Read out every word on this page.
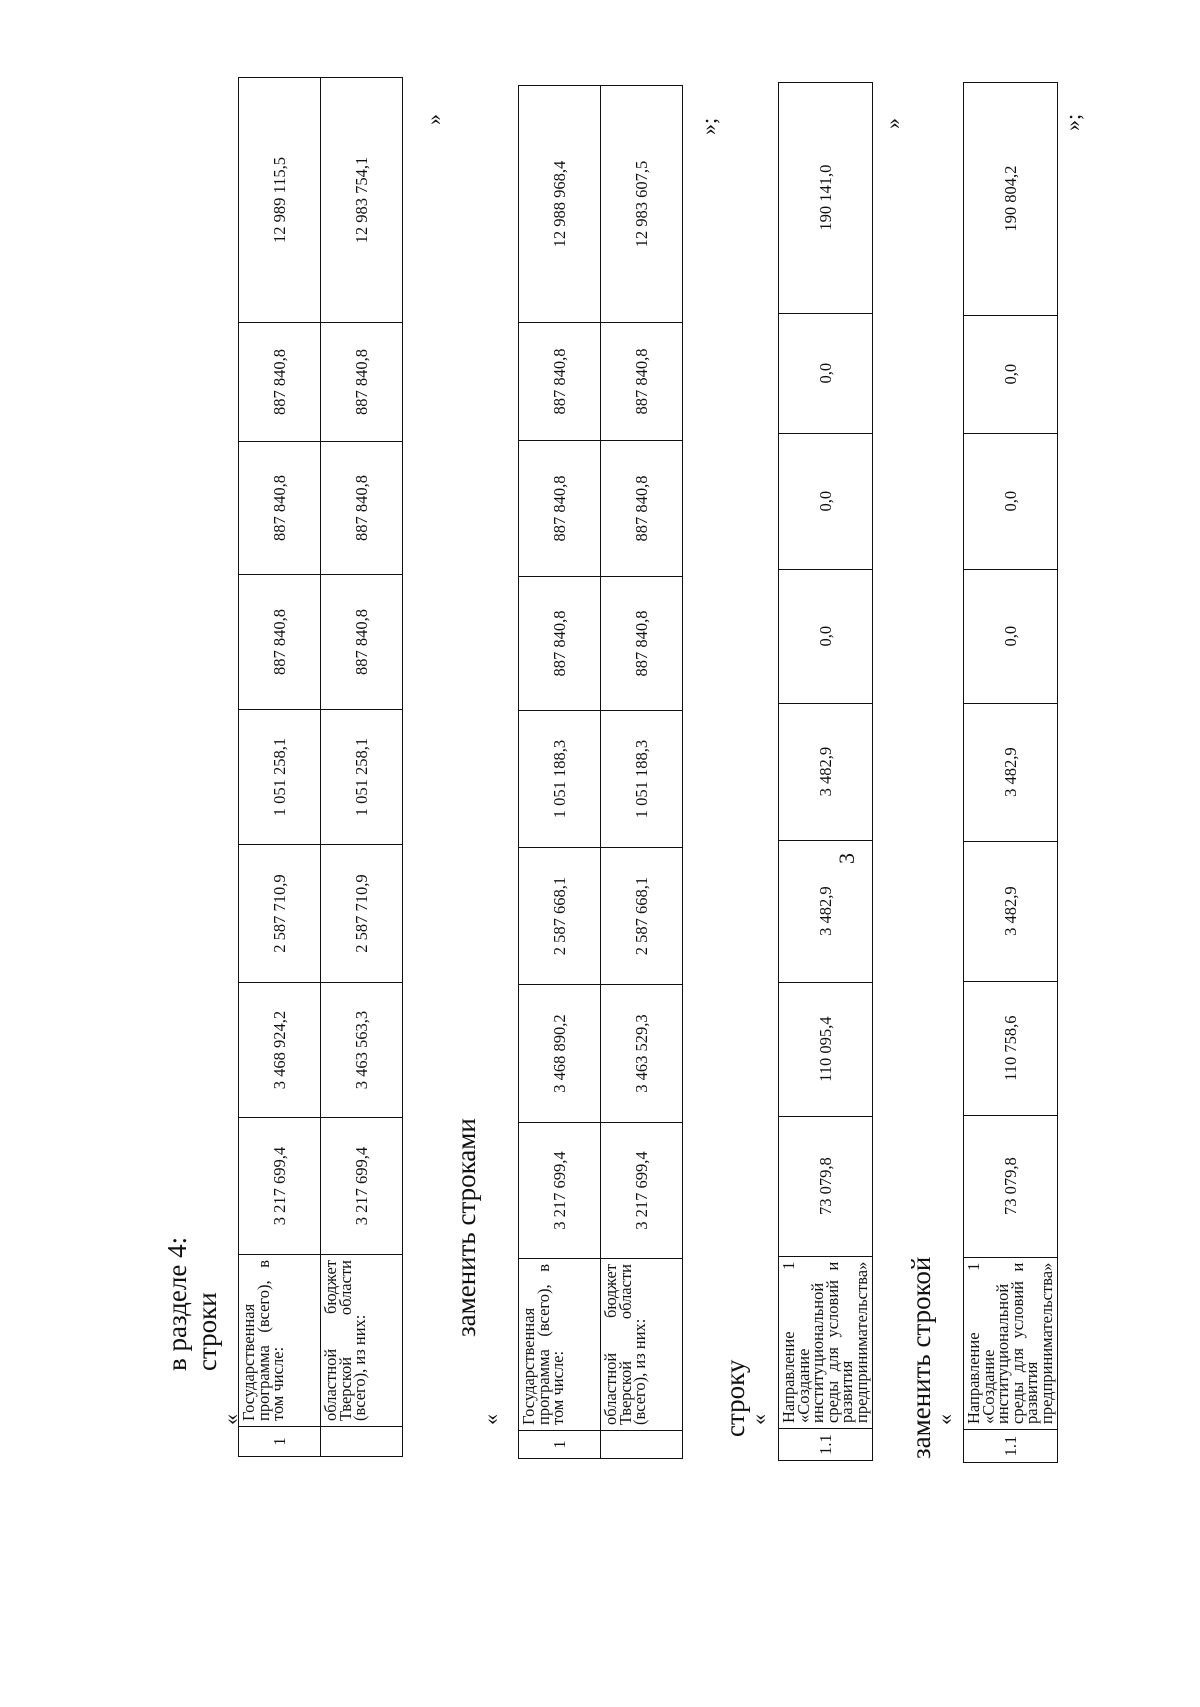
3
в разделе 4: строки
«
1	Государственная программа (всего), в том числе:	3 217 699,4	3 468 924,2	2 587 710,9	1 051 258,1	887 840,8	887 840,8	887 840,8	12 989 115,5
	областной бюджет Тверской области (всего), из них:	3 217 699,4	3 463 563,3	2 587 710,9	1 051 258,1	887 840,8	887 840,8	887 840,8	12 983 754,1
»
заменить строками
«
1	Государственная программа (всего), в том числе:	3 217 699,4	3 468 890,2	2 587 668,1	1 051 188,3	887 840,8	887 840,8	887 840,8	12 988 968,4
	областной бюджет Тверской области (всего), из них:	3 217 699,4	3 463 529,3	2 587 668,1	1 051 188,3	887 840,8	887 840,8	887 840,8	12 983 607,5
»;
строку
«
1.1	Направление 1 «Создание институциональной среды для условий и развития предпринимательства»	73 079,8	110 095,4	3 482,9	3 482,9	0,0	0,0	0,0	190 141,0
»
заменить строкой
«
1.1	Направление 1 «Создание институциональной среды для условий и развития предпринимательства»	73 079,8	110 758,6	3 482,9	3 482,9	0,0	0,0	0,0	190 804,2
»;
